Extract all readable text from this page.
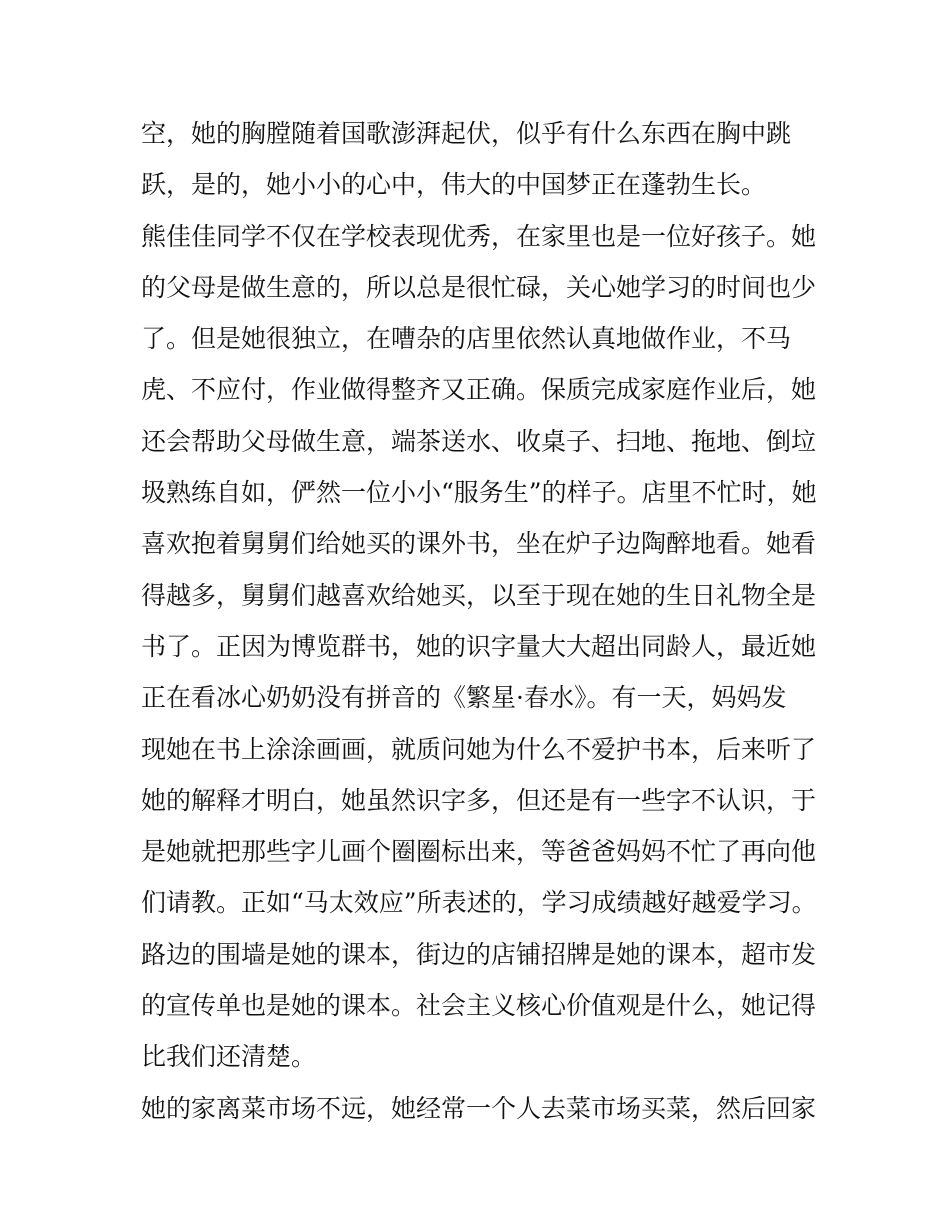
空，她的胸膛随着国歌澎湃起伏，似乎有什么东西在胸中跳
跃，是的，她小小的心中，伟大的中国梦正在蓬勃生长。
熊佳佳同学不仅在学校表现优秀，在家里也是一位好孩子。她
的父母是做生意的，所以总是很忙碌，关心她学习的时间也少
了。但是她很独立，在嘈杂的店里依然认真地做作业，不马
虎、不应付，作业做得整齐又正确。保质完成家庭作业后，她
还会帮助父母做生意，端茶送水、收桌子、扫地、拖地、倒垃
圾熟练自如，俨然一位小小“服务生”的样子。店里不忙时，她
喜欢抱着舅舅们给她买的课外书，坐在炉子边陶醉地看。她看
得越多，舅舅们越喜欢给她买，以至于现在她的生日礼物全是
书了。正因为博览群书，她的识字量大大超出同龄人，最近她
正在看冰心奶奶没有拼音的《繁星·春水》。有一天，妈妈发
现她在书上涂涂画画，就质问她为什么不爱护书本，后来听了
她的解释才明白，她虽然识字多，但还是有一些字不认识，于
是她就把那些字儿画个圈圈标出来，等爸爸妈妈不忙了再向他
们请教。正如“马太效应”所表述的，学习成绩越好越爱学习。
路边的围墙是她的课本，街边的店铺招牌是她的课本，超市发
的宣传单也是她的课本。社会主义核心价值观是什么，她记得
比我们还清楚。
她的家离菜市场不远，她经常一个人去菜市场买菜，然后回家
